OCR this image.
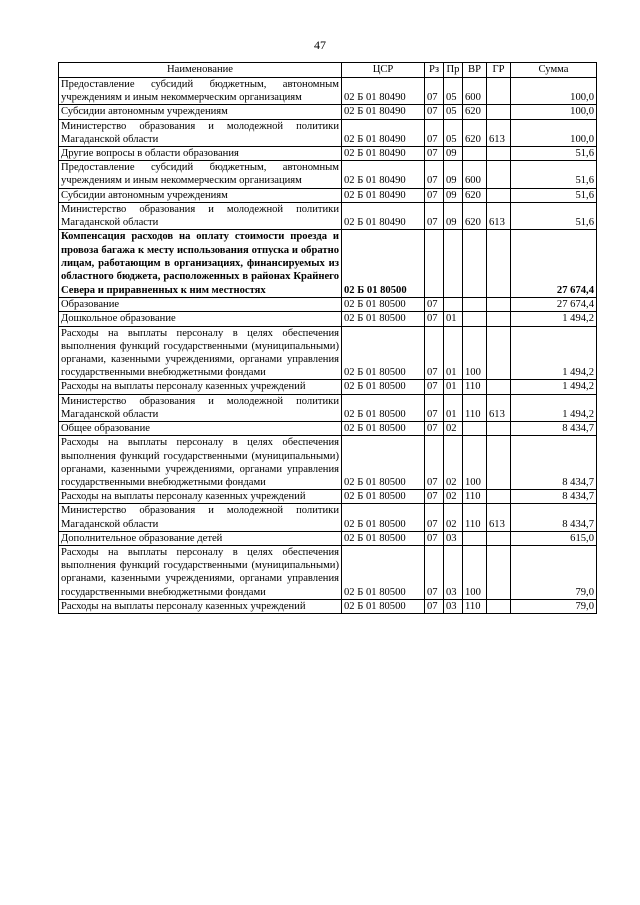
47
Наименование	ЦСР	Рз	Пр	ВР	ГР	Сумма
Предоставление субсидий бюджетным, автономным учреждениям и иным некоммерческим организациям	02 Б 01 80490	07	05	600		100,0
Субсидии автономным учреждениям	02 Б 01 80490	07	05	620		100,0
Министерство образования и молодежной политики Магаданской области	02 Б 01 80490	07	05	620	613	100,0
Другие вопросы в области образования	02 Б 01 80490	07	09			51,6
Предоставление субсидий бюджетным, автономным учреждениям и иным некоммерческим организациям	02 Б 01 80490	07	09	600		51,6
Субсидии автономным учреждениям	02 Б 01 80490	07	09	620		51,6
Министерство образования и молодежной политики Магаданской области	02 Б 01 80490	07	09	620	613	51,6
Компенсация расходов на оплату стоимости проезда и провоза багажа к месту использования отпуска и обратно лицам, работающим в организациях, финансируемых из областного бюджета, расположенных в районах Крайнего Севера и приравненных к ним местностях	02 Б 01 80500					27 674,4
Образование	02 Б 01 80500	07				27 674,4
Дошкольное образование	02 Б 01 80500	07	01			1 494,2
Расходы на выплаты персоналу в целях обеспечения выполнения функций государственными (муниципальными) органами, казенными учреждениями, органами управления государственными внебюджетными фондами	02 Б 01 80500	07	01	100		1 494,2
Расходы на выплаты персоналу казенных учреждений	02 Б 01 80500	07	01	110		1 494,2
Министерство образования и молодежной политики Магаданской области	02 Б 01 80500	07	01	110	613	1 494,2
Общее образование	02 Б 01 80500	07	02			8 434,7
Расходы на выплаты персоналу в целях обеспечения выполнения функций государственными (муниципальными) органами, казенными учреждениями, органами управления государственными внебюджетными фондами	02 Б 01 80500	07	02	100		8 434,7
Расходы на выплаты персоналу казенных учреждений	02 Б 01 80500	07	02	110		8 434,7
Министерство образования и молодежной политики Магаданской области	02 Б 01 80500	07	02	110	613	8 434,7
Дополнительное образование детей	02 Б 01 80500	07	03			615,0
Расходы на выплаты персоналу в целях обеспечения выполнения функций государственными (муниципальными) органами, казенными учреждениями, органами управления государственными внебюджетными фондами	02 Б 01 80500	07	03	100		79,0
Расходы на выплаты персоналу казенных учреждений	02 Б 01 80500	07	03	110		79,0
